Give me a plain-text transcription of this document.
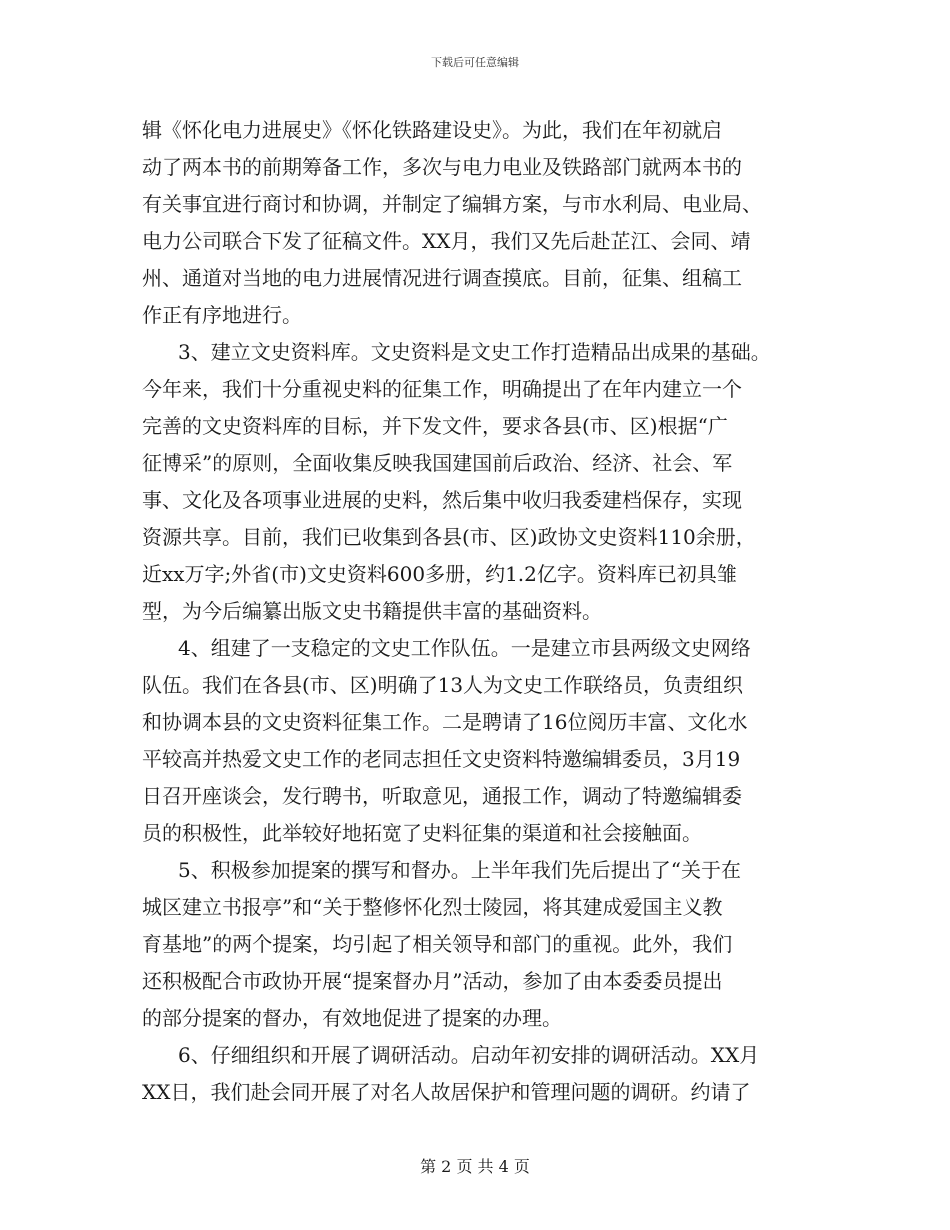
下载后可任意编辑
辑《怀化电力进展史》《怀化铁路建设史》。为此，我们在年初就启
动了两本书的前期筹备工作，多次与电力电业及铁路部门就两本书的
有关事宜进行商讨和协调，并制定了编辑方案，与市水利局、电业局、
电力公司联合下发了征稿文件。XX月，我们又先后赴芷江、会同、靖
州、通道对当地的电力进展情况进行调查摸底。目前，征集、组稿工
作正有序地进行。
3、建立文史资料库。文史资料是文史工作打造精品出成果的基础。
今年来，我们十分重视史料的征集工作，明确提出了在年内建立一个
完善的文史资料库的目标，并下发文件，要求各县(市、区)根据“广
征博采”的原则，全面收集反映我国建国前后政治、经济、社会、军
事、文化及各项事业进展的史料，然后集中收归我委建档保存，实现
资源共享。目前，我们已收集到各县(市、区)政协文史资料110余册，
近xx万字;外省(市)文史资料600多册，约1.2亿字。资料库已初具雏
型，为今后编纂出版文史书籍提供丰富的基础资料。
4、组建了一支稳定的文史工作队伍。一是建立市县两级文史网络
队伍。我们在各县(市、区)明确了13人为文史工作联络员，负责组织
和协调本县的文史资料征集工作。二是聘请了16位阅历丰富、文化水
平较高并热爱文史工作的老同志担任文史资料特邀编辑委员，3月19
日召开座谈会，发行聘书，听取意见，通报工作，调动了特邀编辑委
员的积极性，此举较好地拓宽了史料征集的渠道和社会接触面。
5、积极参加提案的撰写和督办。上半年我们先后提出了“关于在
城区建立书报亭”和“关于整修怀化烈士陵园，将其建成爱国主义教
育基地”的两个提案，均引起了相关领导和部门的重视。此外，我们
还积极配合市政协开展“提案督办月”活动，参加了由本委委员提出
的部分提案的督办，有效地促进了提案的办理。
6、仔细组织和开展了调研活动。启动年初安排的调研活动。XX月
XX日，我们赴会同开展了对名人故居保护和管理问题的调研。约请了
第 2 页 共 4 页
